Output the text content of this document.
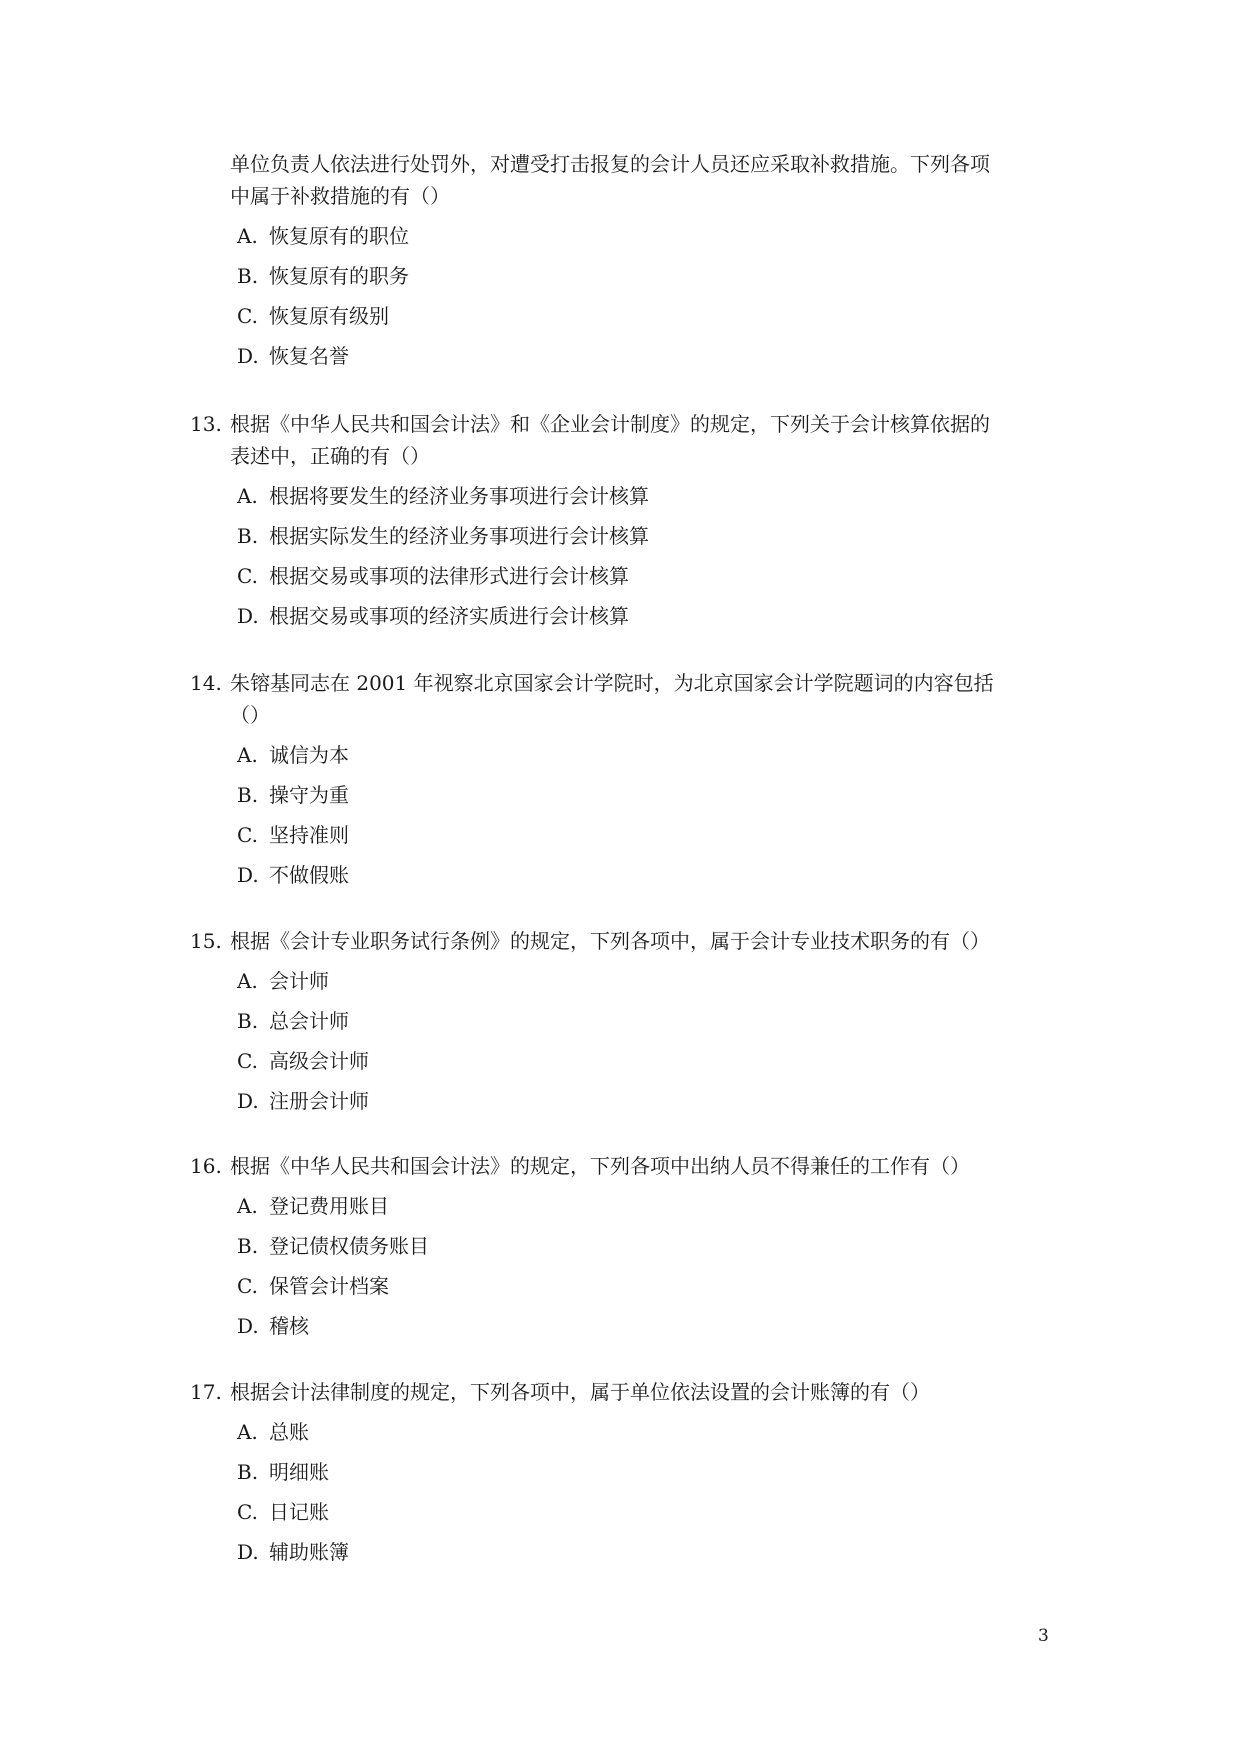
单位负责人依法进行处罚外，对遭受打击报复的会计人员还应采取补救措施。下列各项
中属于补救措施的有（）
A. 恢复原有的职位
B. 恢复原有的职务
C. 恢复原有级别
D. 恢复名誉
13. 根据《中华人民共和国会计法》和《企业会计制度》的规定，下列关于会计核算依据的
表述中，正确的有（）
A. 根据将要发生的经济业务事项进行会计核算
B. 根据实际发生的经济业务事项进行会计核算
C. 根据交易或事项的法律形式进行会计核算
D. 根据交易或事项的经济实质进行会计核算
14. 朱镕基同志在 2001 年视察北京国家会计学院时，为北京国家会计学院题词的内容包括
（）
A. 诚信为本
B. 操守为重
C. 坚持准则
D. 不做假账
15. 根据《会计专业职务试行条例》的规定，下列各项中，属于会计专业技术职务的有（）
A. 会计师
B. 总会计师
C. 高级会计师
D. 注册会计师
16. 根据《中华人民共和国会计法》的规定，下列各项中出纳人员不得兼任的工作有（）
A. 登记费用账目
B. 登记债权债务账目
C. 保管会计档案
D. 稽核
17. 根据会计法律制度的规定，下列各项中，属于单位依法设置的会计账簿的有（）
A. 总账
B. 明细账
C. 日记账
D. 辅助账簿
3
